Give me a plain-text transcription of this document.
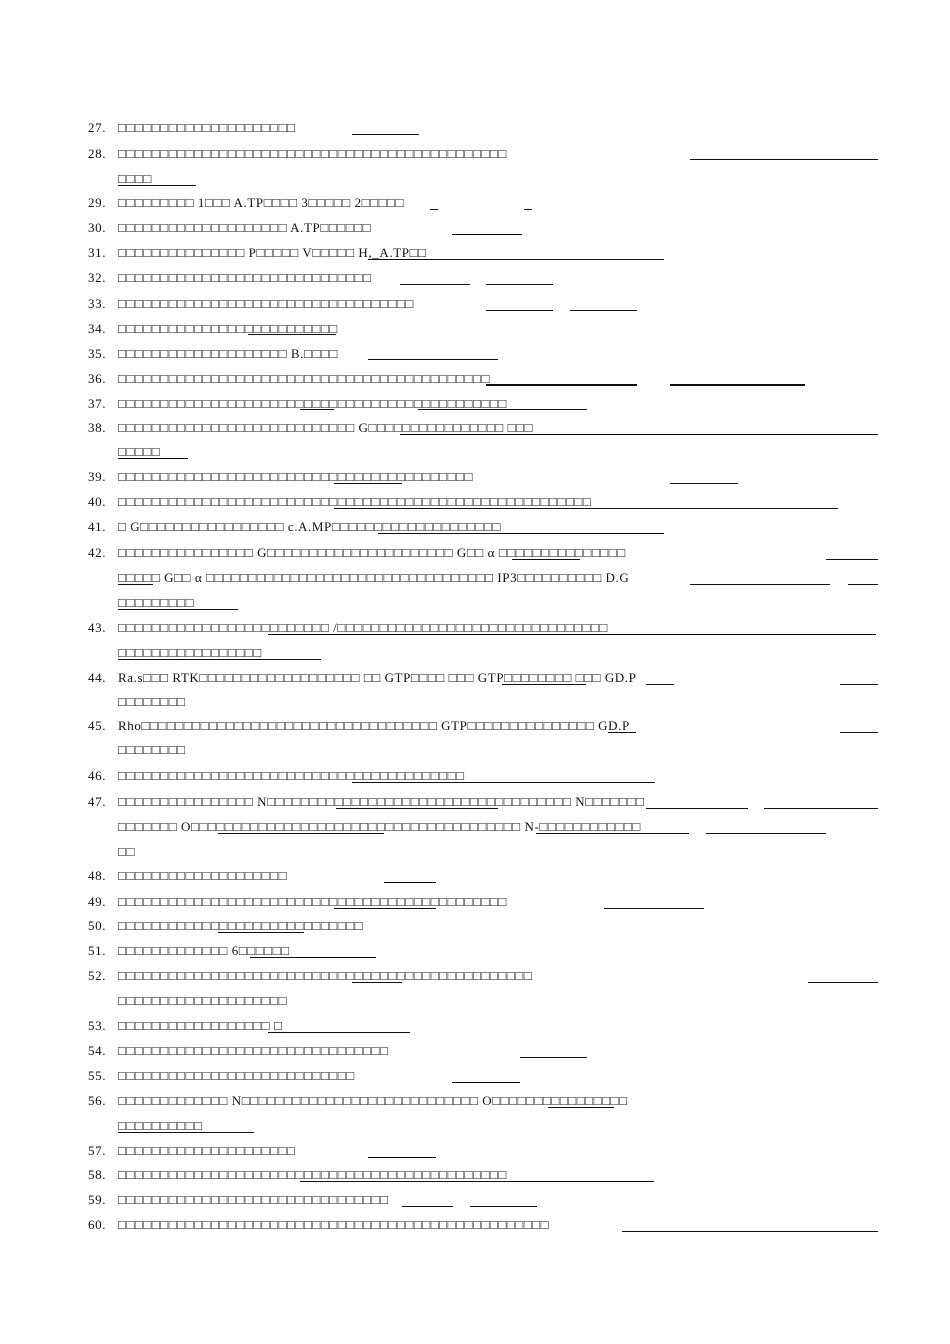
27. □□□□□□□□□□□□□□□□□□□□□
28. □□□□□□□□□□□□□□□□□□□□□□□□□□□□□□□□□□□□□□□□□□□□□□
□□□□
29. □□□□□□□□□ 1□□□ A.TP□□□□ 3□□□□□ 2□□□□□
30. □□□□□□□□□□□□□□□□□□□□ A.TP□□□□□□
31. □□□□□□□□□□□□□□□ P□□□□□ V□□□□□ H,_A.TP□□
32. □□□□□□□□□□□□□□□□□□□□□□□□□□□□□□
33. □□□□□□□□□□□□□□□□□□□□□□□□□□□□□□□□□□□
34. □□□□□□□□□□□□□□□□□□□□□□□□□□
35. □□□□□□□□□□□□□□□□□□□□ B.□□□□
36. □□□□□□□□□□□□□□□□□□□□□□□□□□□□□□□□□□□□□□□□□□□□
37. □□□□□□□□□□□□□□□□□□□□□□□□□□□□□□□□□□□□□□□□□□□□□□
38. □□□□□□□□□□□□□□□□□□□□□□□□□□□□ G□□□□□□□□□□□□□□□□ □□□
□□□□□
39. □□□□□□□□□□□□□□□□□□□□□□□□□□□□□□□□□□□□□□□□□□
40. □□□□□□□□□□□□□□□□□□□□□□□□□□□□□□□□□□□□□□□□□□□□□□□□□□□□□□□□
41. □ G□□□□□□□□□□□□□□□□□ c.A.MP□□□□□□□□□□□□□□□□□□□□
42. □□□□□□□□□□□□□□□□ G□□□□□□□□□□□□□□□□□□□□□□ G□□ α □□□□□□□□□□□□□□□
□□□□□ G□□ α □□□□□□□□□□□□□□□□□□□□□□□□□□□□□□□□□□ IP3□□□□□□□□□□ D.G
□□□□□□□□□
43. □□□□□□□□□□□□□□□□□□□□□□□□□ /□□□□□□□□□□□□□□□□□□□□□□□□□□□□□□□□
□□□□□□□□□□□□□□□□□
44. Ra.s□□□ RTK□□□□□□□□□□□□□□□□□□□ □□ GTP□□□□ □□□ GTP□□□□□□□□ □□□ GD.P
□□□□□□□□
45. Rho□□□□□□□□□□□□□□□□□□□□□□□□□□□□□□□□□□□ GTP□□□□□□□□□□□□□□□ GD.P
□□□□□□□□
46. □□□□□□□□□□□□□□□□□□□□□□□□□□□□□□□□□□□□□□□□□
47. □□□□□□□□□□□□□□□□ N□□□□□□□□□□□□□□□□□□□□□□□□□□□□□□□□□□□□ N□□□□□□□
□□□□□□□ O□□□□□□□□□□□□□□□□□□□□□□□□□□□□□□□□□□□□□□□ N-□□□□□□□□□□□□
□□
48. □□□□□□□□□□□□□□□□□□□□
49. □□□□□□□□□□□□□□□□□□□□□□□□□□□□□□□□□□□□□□□□□□□□□□
50. □□□□□□□□□□□□□□□□□□□□□□□□□□□□□
51. □□□□□□□□□□□□□ 6□□□□□□
52. □□□□□□□□□□□□□□□□□□□□□□□□□□□□□□□□□□□□□□□□□□□□□□□□□
□□□□□□□□□□□□□□□□□□□□
53. □□□□□□□□□□□□□□□□□□ □
54. □□□□□□□□□□□□□□□□□□□□□□□□□□□□□□□□
55. □□□□□□□□□□□□□□□□□□□□□□□□□□□□
56. □□□□□□□□□□□□□ N□□□□□□□□□□□□□□□□□□□□□□□□□□□□ O□□□□□□□□□□□□□□□□
□□□□□□□□□□
57. □□□□□□□□□□□□□□□□□□□□□
58. □□□□□□□□□□□□□□□□□□□□□□□□□□□□□□□□□□□□□□□□□□□□□□
59. □□□□□□□□□□□□□□□□□□□□□□□□□□□□□□□□
60. □□□□□□□□□□□□□□□□□□□□□□□□□□□□□□□□□□□□□□□□□□□□□□□□□□□
